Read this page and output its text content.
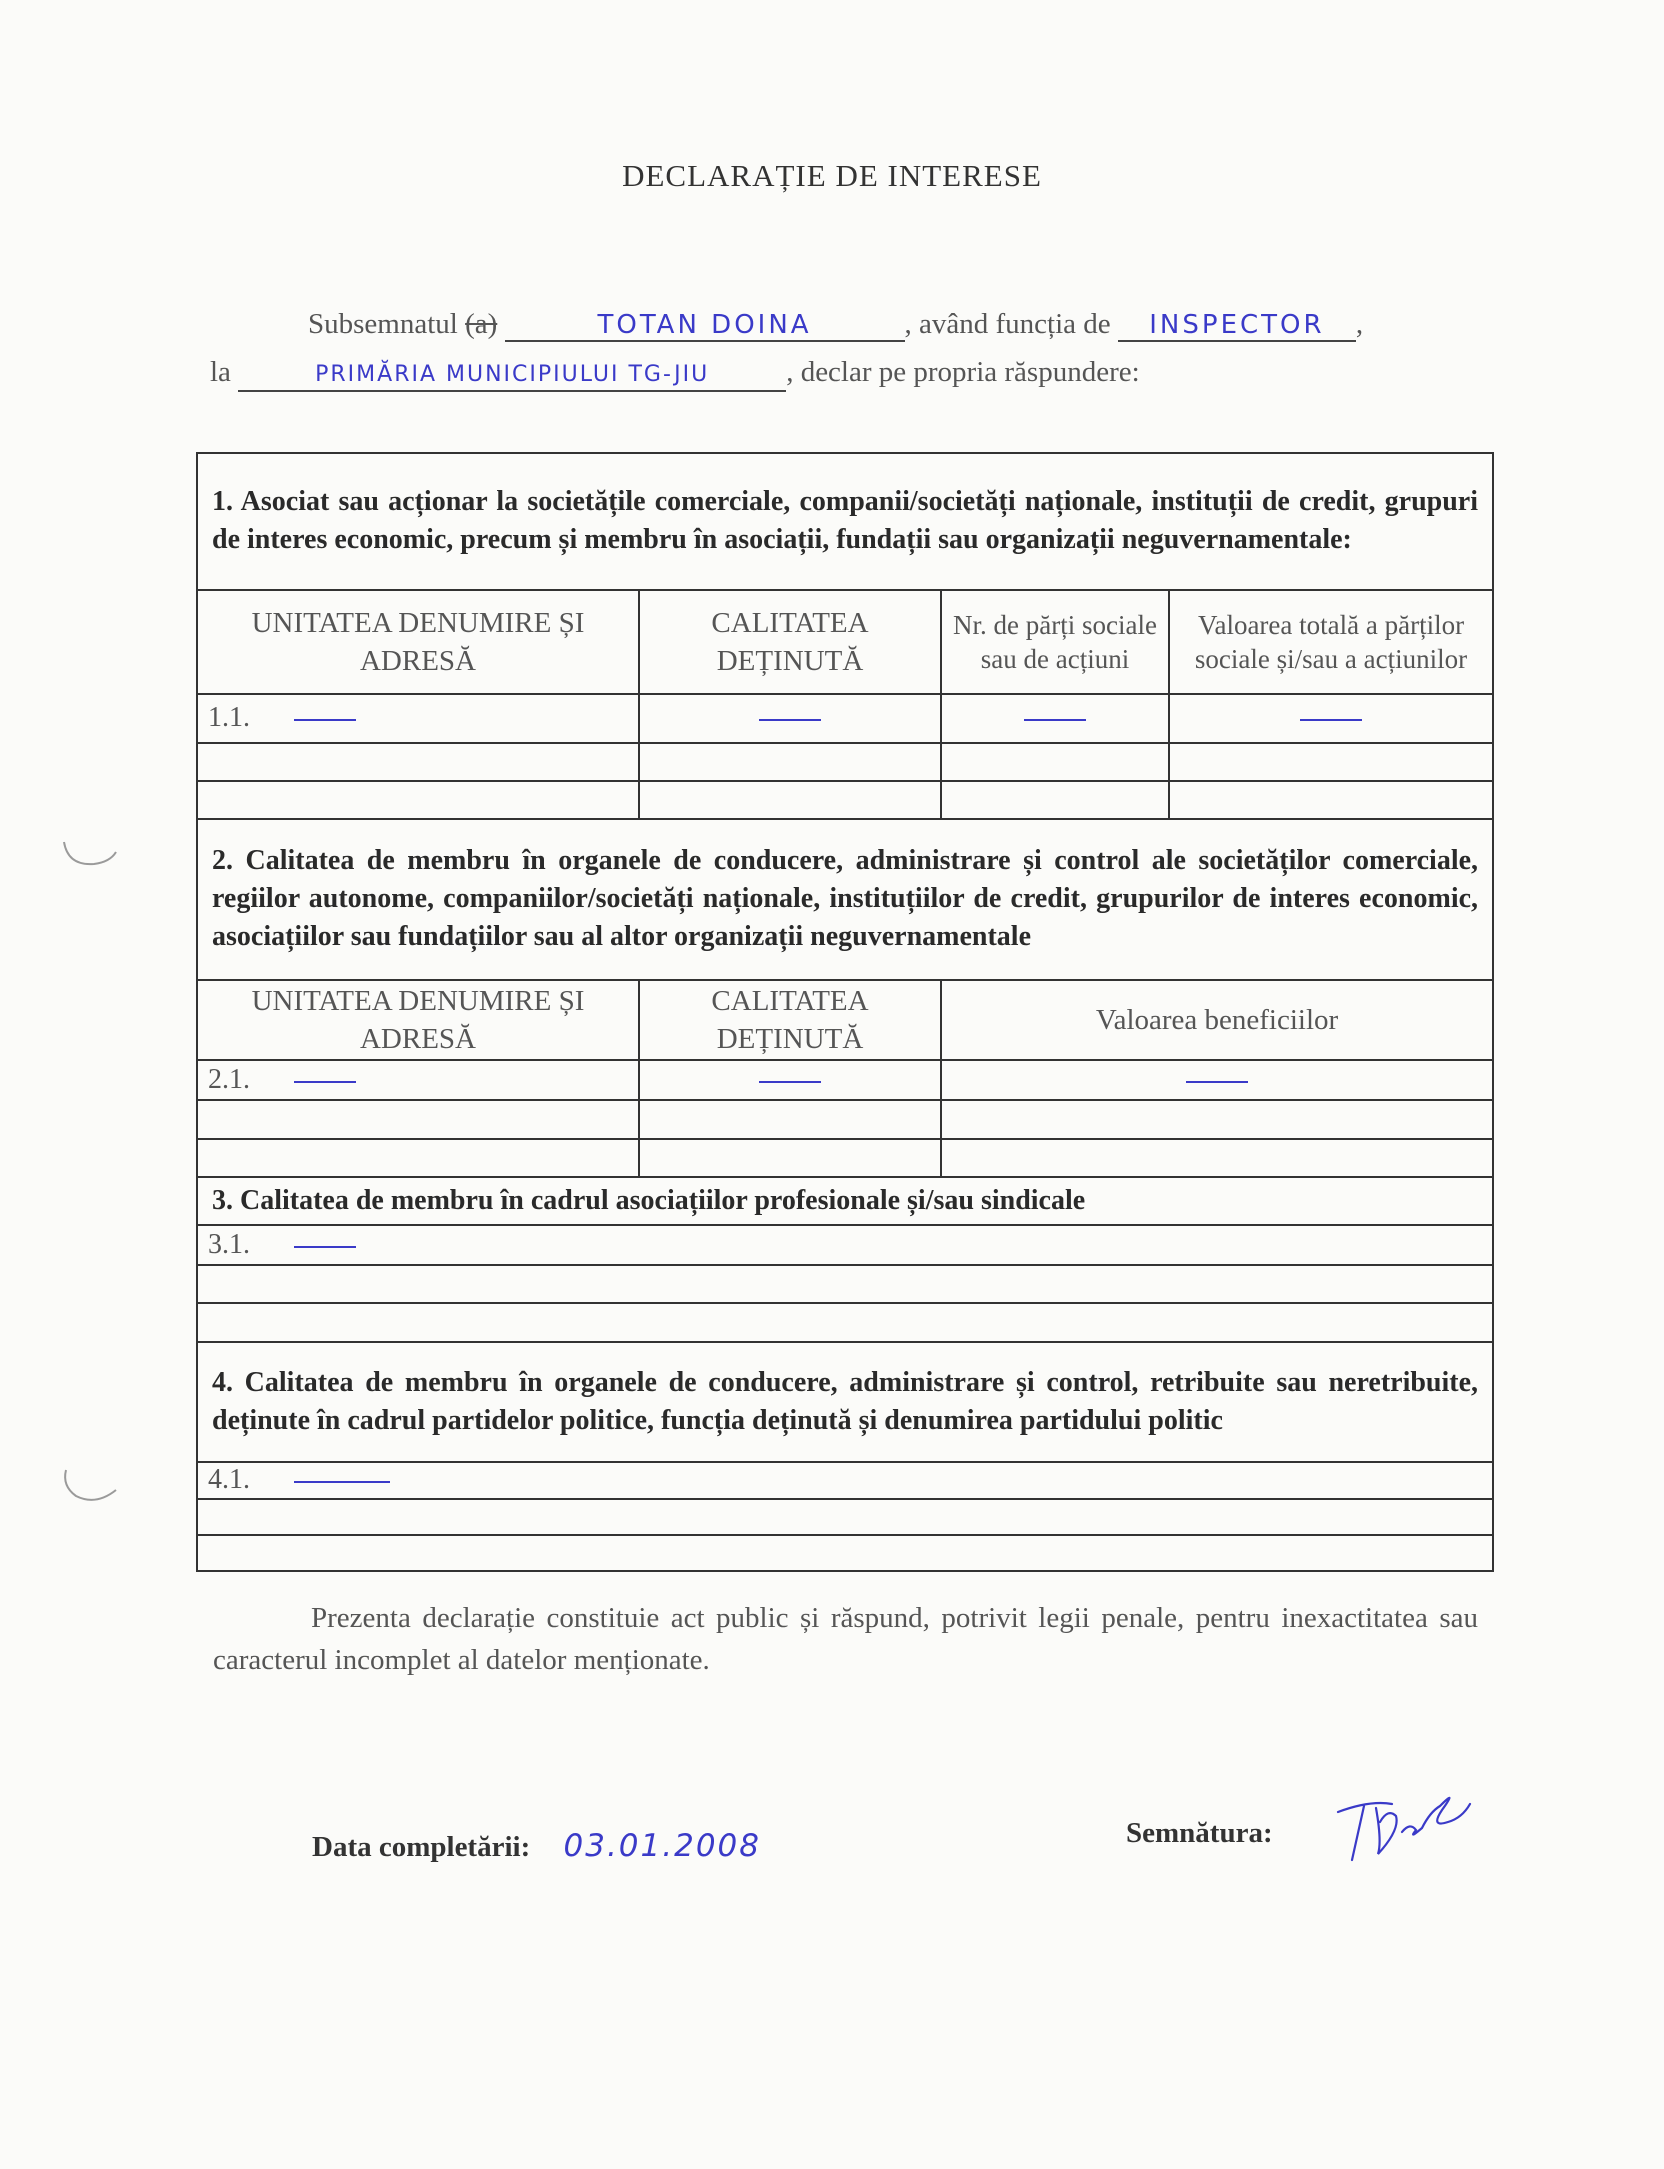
DECLARAȚIE DE INTERESE
Subsemnatul (a)	TOTAN DOINA	, având funcția de INSPECTOR ,
la	PRIMĂRIA MUNICIPIULUI TG-JIU	, declar pe propria răspundere:
1. Asociat sau acționar la societățile comerciale, companii/societăți naționale, instituții de credit, grupuri de interes economic, precum și membru în asociații, fundații sau organizații neguvernamentale:			
UNITATEA DENUMIRE ȘI ADRESĂ	CALITATEA DEȚINUTĂ	Nr. de părți sociale sau de acțiuni	Valoarea totală a părților sociale și/sau a acțiunilor
1.1.			

2. Calitatea de membru în organele de conducere, administrare și control ale societăților comerciale, regiilor autonome, companiilor/societăți naționale, instituțiilor de credit, grupurilor de interes economic, asociațiilor sau fundațiilor sau al altor organizații neguvernamentale			
UNITATEA DENUMIRE ȘI ADRESĂ	CALITATEA DEȚINUTĂ	Valoarea beneficiilor	
2.1.			

3. Calitatea de membru în cadrul asociațiilor profesionale și/sau sindicale			
3.1.			

4. Calitatea de membru în organele de conducere, administrare și control, retribuite sau neretribuite, deținute în cadrul partidelor politice, funcția deținută și denumirea partidului politic			
4.1.			

Prezenta declarație constituie act public și răspund, potrivit legii penale, pentru inexactitatea sau caracterul incomplet al datelor menționate.
Data completării: 03.01.2008	Semnătura:
